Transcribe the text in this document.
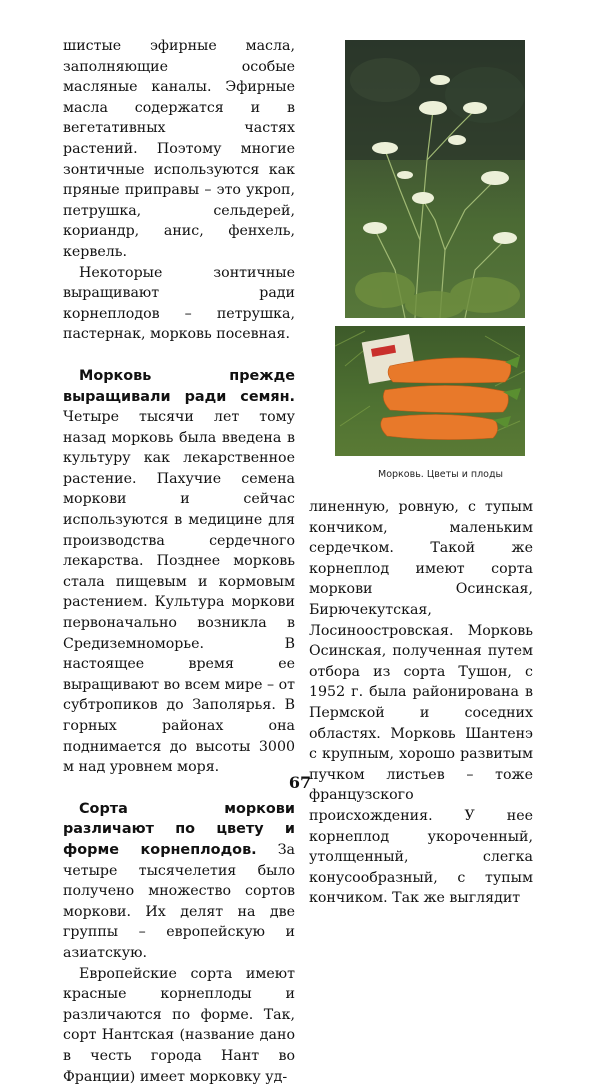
шистые эфирные масла, заполняющие особые масляные каналы. Эфирные масла содержатся и в вегетативных частях растений. Поэтому многие зонтичные используются как пряные приправы – это укроп, петрушка, сельдерей, кориандр, анис, фенхель, кервель.

Некоторые зонтичные выращивают ради корнеплодов – петрушка, пастернак, морковь посевная.

Морковь прежде выращивали ради семян. Четыре тысячи лет тому назад морковь была введена в культуру как лекарственное растение. Пахучие семена моркови и сейчас используются в медицине для производства сердечного лекарства. Позднее морковь стала пищевым и кормовым растением. Культура моркови первоначально возникла в Средиземноморье. В настоящее время ее выращивают во всем мире – от субтропиков до Заполярья. В горных районах она поднимается до высоты 3000 м над уровнем моря.

Сорта моркови различают по цвету и форме корнеплодов. За четыре тысячелетия было получено множество сортов моркови. Их делят на две группы – европейскую и азиатскую.

Европейские сорта имеют красные корнеплоды и различаются по форме. Так, сорт Нантская (название дано в честь города Нант во Франции) имеет морковку уд-

Морковь. Цветы и плоды

линенную, ровную, с тупым кончиком, маленьким сердечком. Такой же корнеплод имеют сорта моркови Осинская, Бирючекутская, Лосиноостровская. Морковь Осинская, полученная путем отбора из сорта Тушон, с 1952 г. была районирована в Пермской и соседних областях. Морковь Шантенэ с крупным, хорошо развитым пучком листьев – тоже французского происхождения. У нее корнеплод укороченный, утолщенный, слегка конусообразный, с тупым кончиком. Так же выглядит

67
